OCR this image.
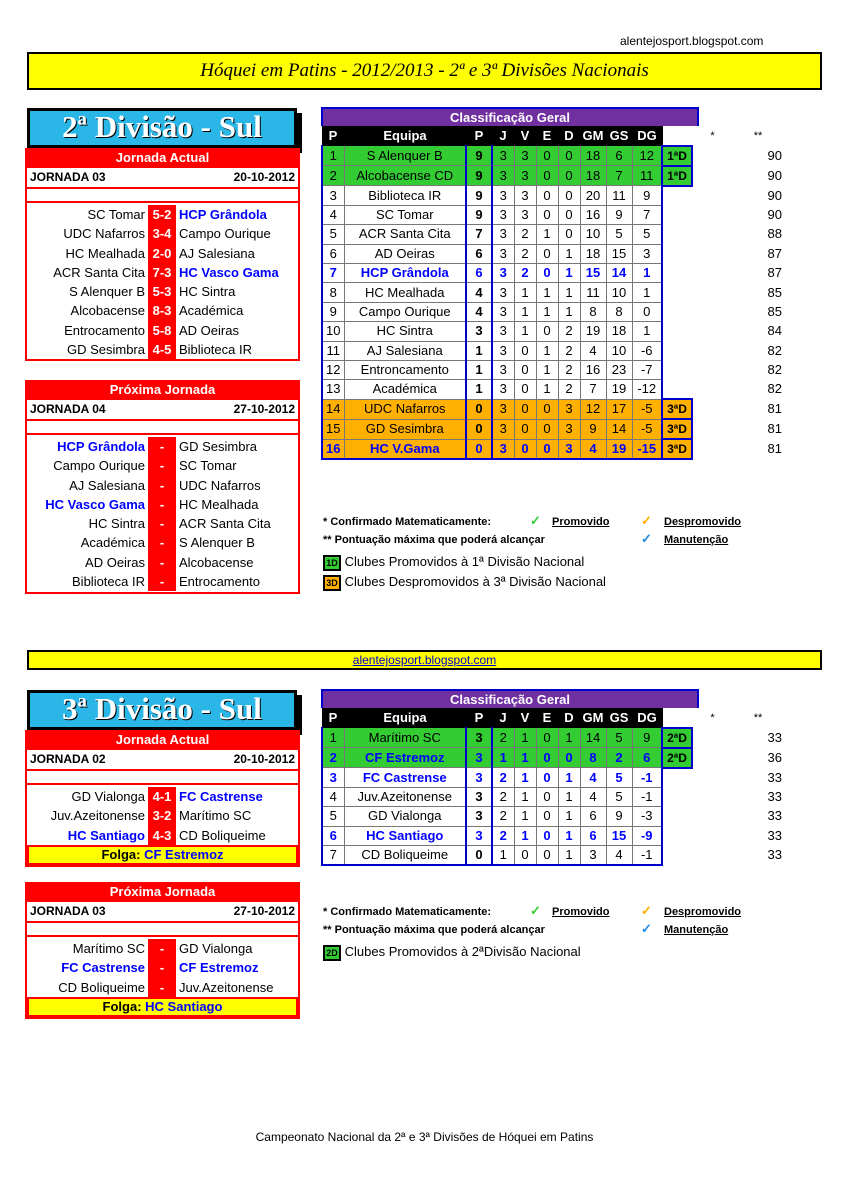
alentejosport.blogspot.com
Hóquei em Patins - 2012/2013 - 2ª e 3ª Divisões Nacionais
2ª Divisão - Sul
Jornada Actual
JORNADA 03	20-10-2012
SC Tomar 5-2 HCP Grândola
UDC Nafarros 3-4 Campo Ourique
HC Mealhada 2-0 AJ Salesiana
ACR Santa Cita 7-3 HC Vasco Gama
S Alenquer B 5-3 HC Sintra
Alcobacense 8-3 Académica
Entrocamento 5-8 AD Oeiras
GD Sesimbra 4-5 Biblioteca IR
Próxima Jornada
JORNADA 04	27-10-2012
HCP Grândola	-	GD Sesimbra
Campo Ourique	-	SC Tomar
AJ Salesiana	-	UDC Nafarros
HC Vasco Gama	-	HC Mealhada
HC Sintra	-	ACR Santa Cita
Académica	-	S Alenquer B
AD Oeiras	-	Alcobacense
Biblioteca IR	-	Entrocamento
Classificação Geral
P	Equipa	P	J	V	E	D	GM	GS	DG		*	**
1	S Alenquer B	9	3	3	0	0	18	6	12	1ªD		90
2	Alcobacense CD	9	3	3	0	0	18	7	11	1ªD		90
3	Biblioteca IR	9	3	3	0	0	20	11	9			90
4	SC Tomar	9	3	3	0	0	16	9	7			90
5	ACR Santa Cita	7	3	2	1	0	10	5	5			88
6	AD Oeiras	6	3	2	0	1	18	15	3			87
7	HCP Grândola	6	3	2	0	1	15	14	1			87
8	HC Mealhada	4	3	1	1	1	11	10	1			85
9	Campo Ourique	4	3	1	1	1	8	8	0			85
10	HC Sintra	3	3	1	0	2	19	18	1			84
11	AJ Salesiana	1	3	0	1	2	4	10	-6			82
12	Entroncamento	1	3	0	1	2	16	23	-7			82
13	Académica	1	3	0	1	2	7	19	-12			82
14	UDC Nafarros	0	3	0	0	3	12	17	-5	3ªD		81
15	GD Sesimbra	0	3	0	0	3	9	14	-5	3ªD		81
16	HC V.Gama	0	3	0	0	3	4	19	-15	3ªD		81
* Confirmado Matematicamente:	✓ Promovido ✓ Despromovido
** Pontuação máxima que poderá alcançar	✓ Manutenção
1D Clubes Promovidos à 1ª Divisão Nacional
3D Clubes Despromovidos à 3ª Divisão Nacional
alentejosport.blogspot.com
3ª Divisão - Sul
Jornada Actual
JORNADA 02	20-10-2012
GD Vialonga 4-1 FC Castrense
Juv.Azeitonense 3-2 Marítimo SC
HC Santiago 4-3 CD Boliqueime
Folga: CF Estremoz
Próxima Jornada
JORNADA 03	27-10-2012
Marítimo SC	-	GD Vialonga
FC Castrense	-	CF Estremoz
CD Boliqueime	-	Juv.Azeitonense
Folga: HC Santiago
Classificação Geral
P	Equipa	P	J	V	E	D	GM	GS	DG		*	**
1	Marítimo SC	3	2	1	0	1	14	5	9	2ªD		33
2	CF Estremoz	3	1	1	0	0	8	2	6	2ªD		36
3	FC Castrense	3	2	1	0	1	4	5	-1			33
4	Juv.Azeitonense	3	2	1	0	1	4	5	-1			33
5	GD Vialonga	3	2	1	0	1	6	9	-3			33
6	HC Santiago	3	2	1	0	1	6	15	-9			33
7	CD Boliqueime	0	1	0	0	1	3	4	-1			33
* Confirmado Matematicamente:	✓ Promovido ✓ Despromovido
** Pontuação máxima que poderá alcançar	✓ Manutenção
2D Clubes Promovidos à 2ªDivisão Nacional
Campeonato Nacional da 2ª e 3ª Divisões de Hóquei em Patins
